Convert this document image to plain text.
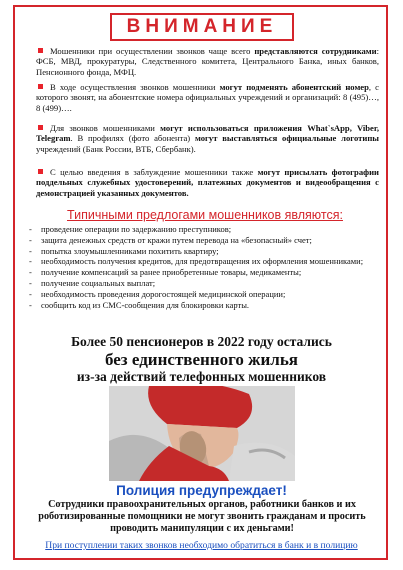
ВНИМАНИЕ
Мошенники при осуществлении звонков чаще всего представляются сотрудниками: ФСБ, МВД, прокуратуры, Следственного комитета, Центрального Банка, иных банков, Пенсионного фонда, МФЦ.
В ходе осуществления звонков мошенники могут подменять абонентский номер, с которого звонят, на абонентские номера официальных учреждений и организаций: 8 (495)…, 8 (499)….
Для звонков мошенниками могут использоваться приложения What`sApp, Viber, Telegram. В профилях (фото абонента) могут выставляться официальные логотипы учреждений (Банк России, ВТБ, Сбербанк).
С целью введения в заблуждение мошенники также могут присылать фотографии поддельных служебных удостоверений, платежных документов и видеообращения с демонстрацией указанных документов.
Типичными предлогами мошенников являются:
- проведение операции по задержанию преступников;
- защита денежных средств от кражи путем перевода на «безопасный» счет;
- попытка злоумышленниками похитить квартиру;
- необходимость получения кредитов, для предотвращения их оформления мошенниками;
- получение компенсаций за ранее приобретенные товары, медикаменты;
- получение социальных выплат;
- необходимость проведения дорогостоящей медицинской операции;
- сообщить код из СМС-сообщения для блокировки карты.
Более 50 пенсионеров в 2022 году остались
без единственного жилья
из-за действий телефонных мошенников
Полиция предупреждает!
Сотрудники правоохранительных органов, работники банков и их роботизированные помощники не могут звонить гражданам и просить проводить манипуляции с их деньгами!
При поступлении таких звонков необходимо обратиться в банк и в полицию
